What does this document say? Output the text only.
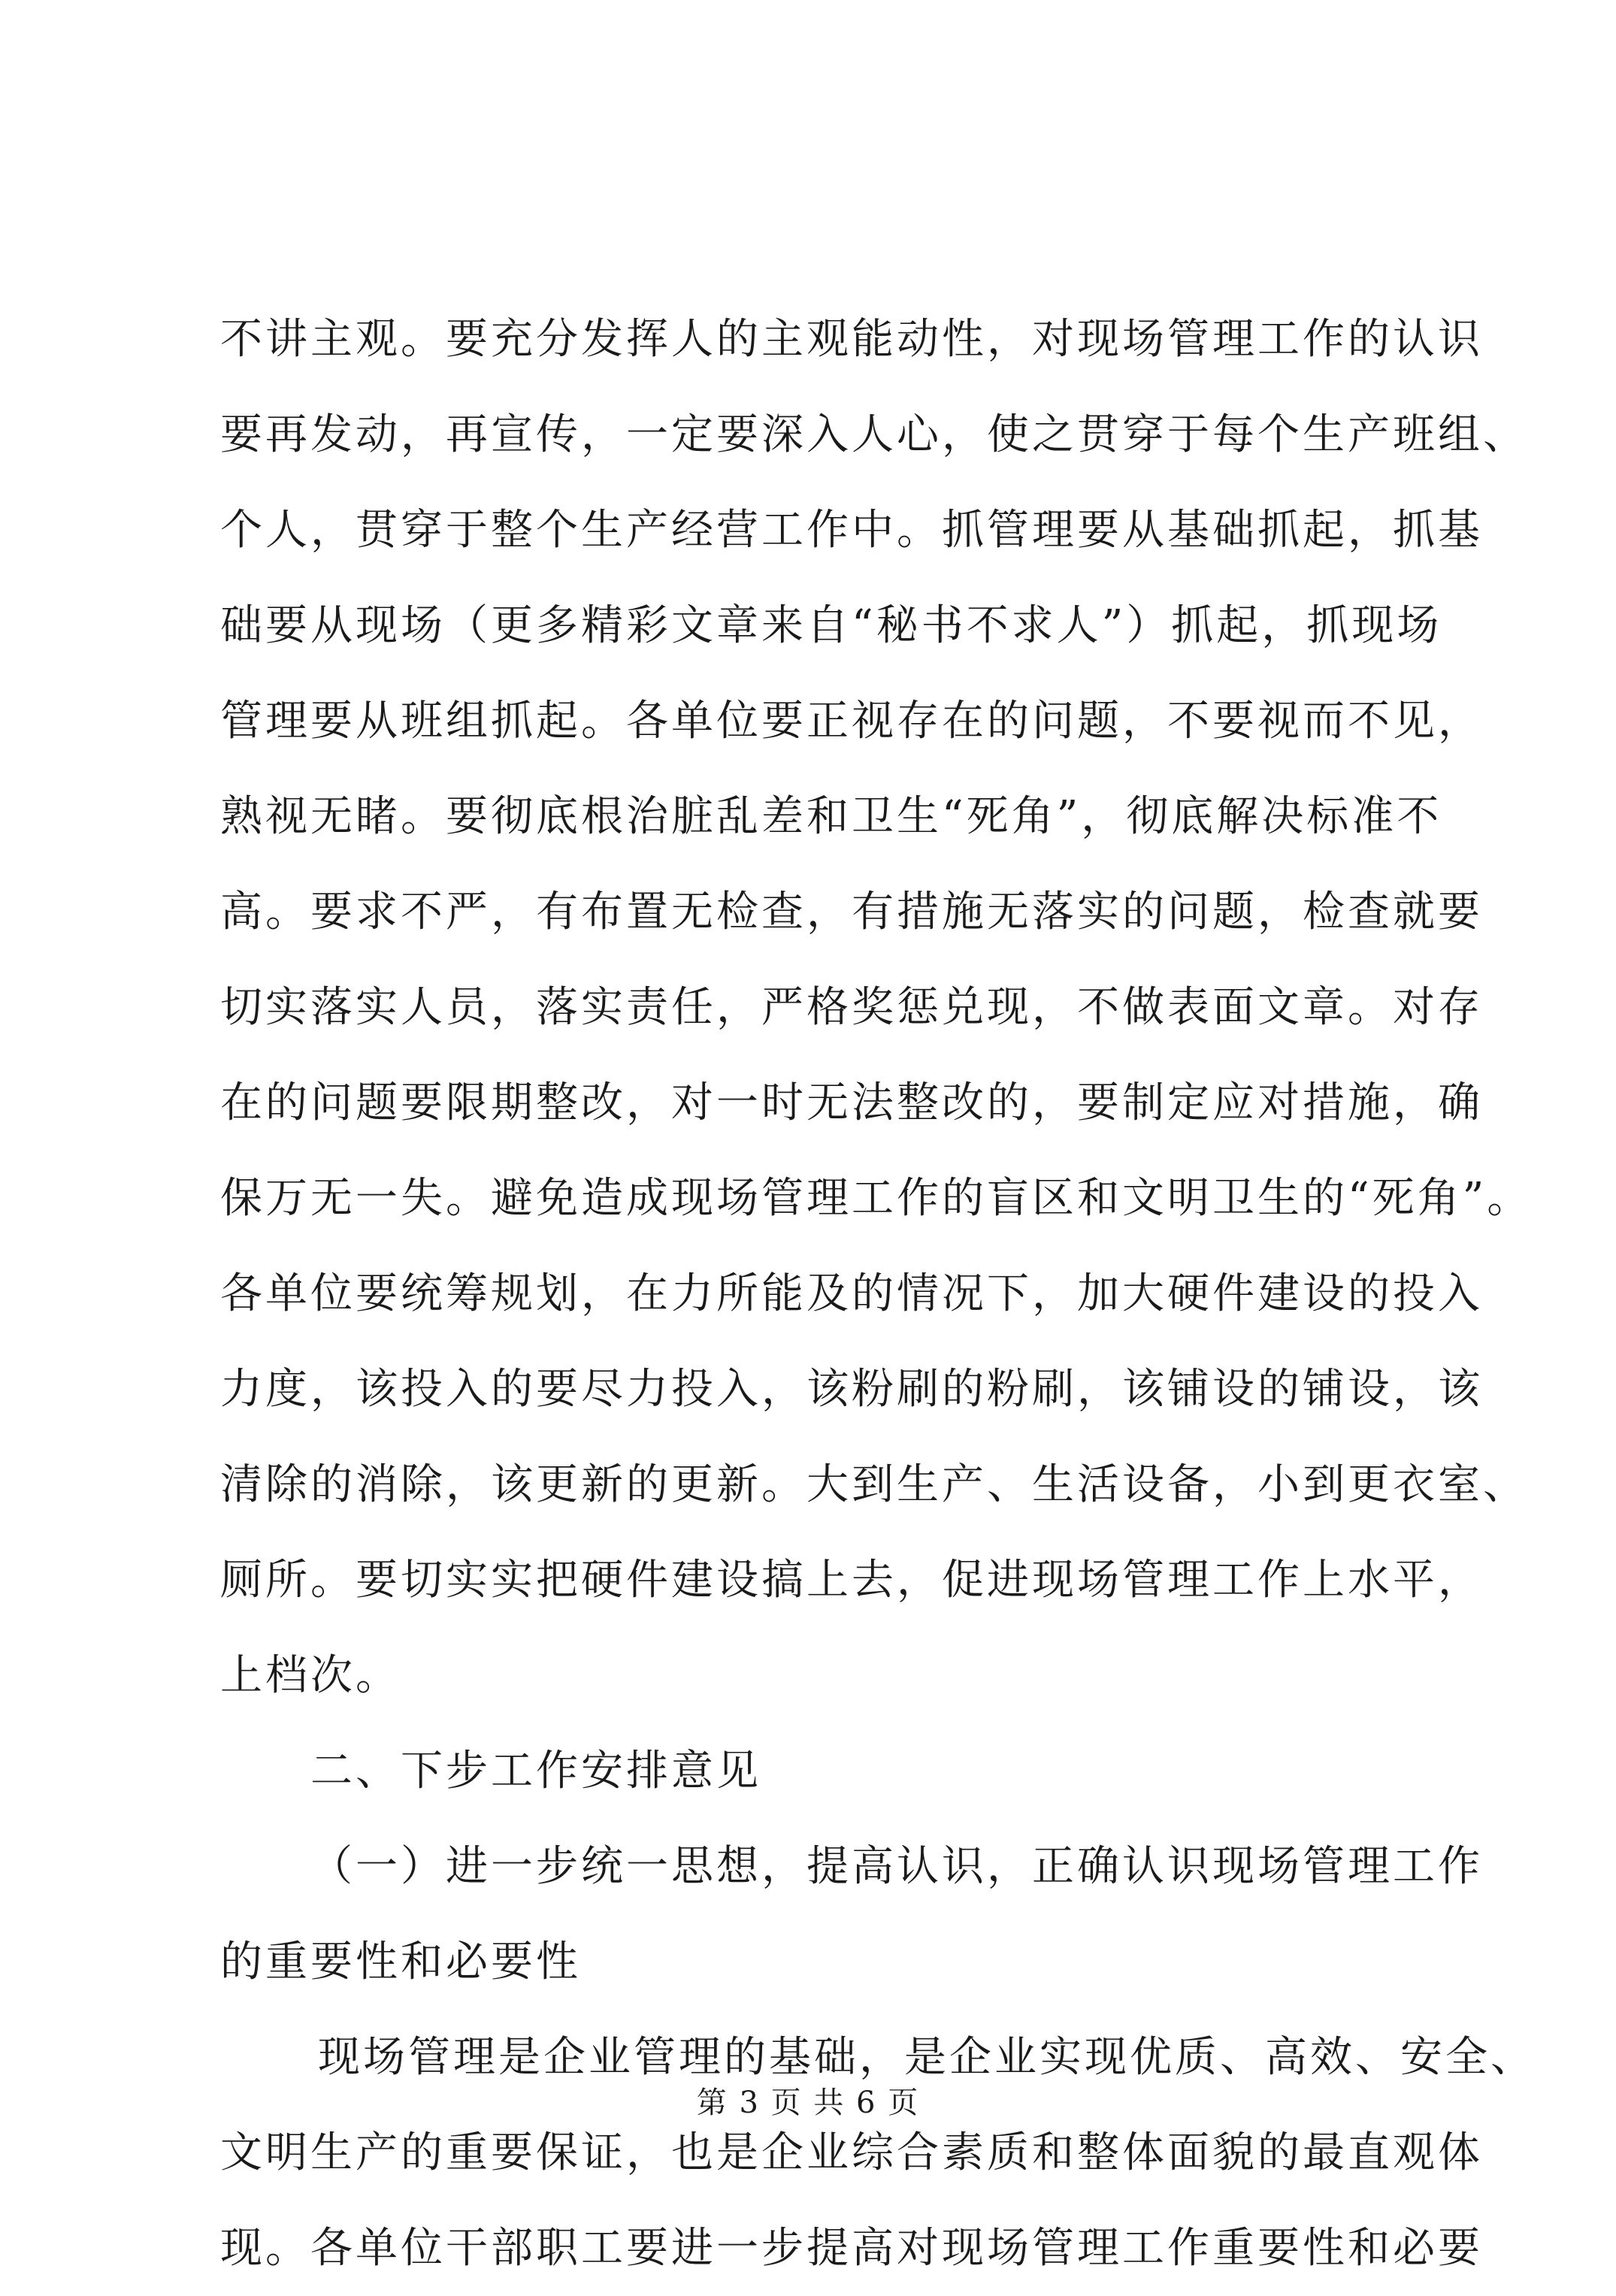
不讲主观。要充分发挥人的主观能动性，对现场管理工作的认识
要再发动，再宣传，一定要深入人心，使之贯穿于每个生产班组、
个人，贯穿于整个生产经营工作中。抓管理要从基础抓起，抓基
础要从现场（更多精彩文章来自“秘书不求人”）抓起，抓现场
管理要从班组抓起。各单位要正视存在的问题，不要视而不见，
熟视无睹。要彻底根治脏乱差和卫生“死角”，彻底解决标准不
高。要求不严，有布置无检查，有措施无落实的问题，检查就要
切实落实人员，落实责任，严格奖惩兑现，不做表面文章。对存
在的问题要限期整改，对一时无法整改的，要制定应对措施，确
保万无一失。避免造成现场管理工作的盲区和文明卫生的“死角”。
各单位要统筹规划，在力所能及的情况下，加大硬件建设的投入
力度，该投入的要尽力投入，该粉刷的粉刷，该铺设的铺设，该
清除的消除，该更新的更新。大到生产、生活设备，小到更衣室、
厕所。要切实实把硬件建设搞上去，促进现场管理工作上水平，
上档次。
二、下步工作安排意见
（一）进一步统一思想，提高认识，正确认识现场管理工作
的重要性和必要性
现场管理是企业管理的基础，是企业实现优质、高效、安全、
文明生产的重要保证，也是企业综合素质和整体面貌的最直观体
现。各单位干部职工要进一步提高对现场管理工作重要性和必要
第 3 页 共 6 页
